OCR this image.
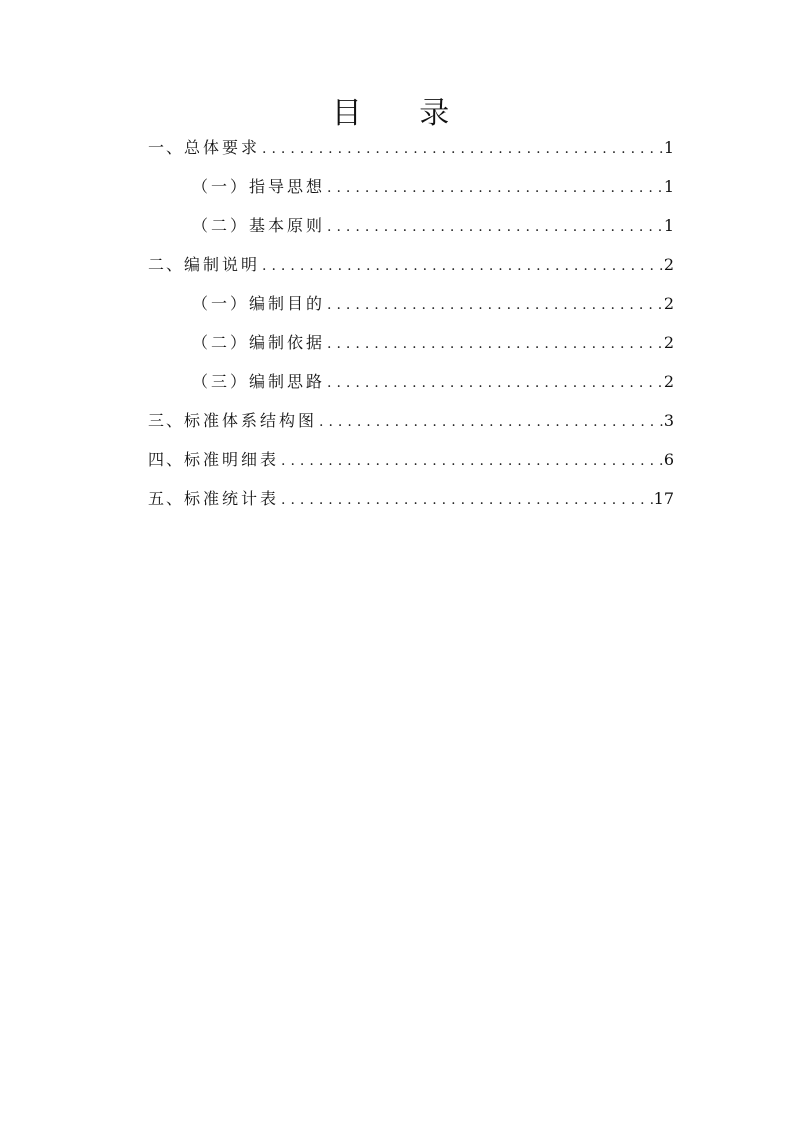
目 录
一、 总体要求 .....	1
（一）指导思想 .....	1
（二）基本原则 .....	1
二、 编制说明 .....	2
（一）编制目的 .....	2
（二）编制依据 .....	2
（三）编制思路 .....	2
三、 标准体系结构图 .....	3
四、 标准明细表 .....	6
五、 标准统计表 .....	17
